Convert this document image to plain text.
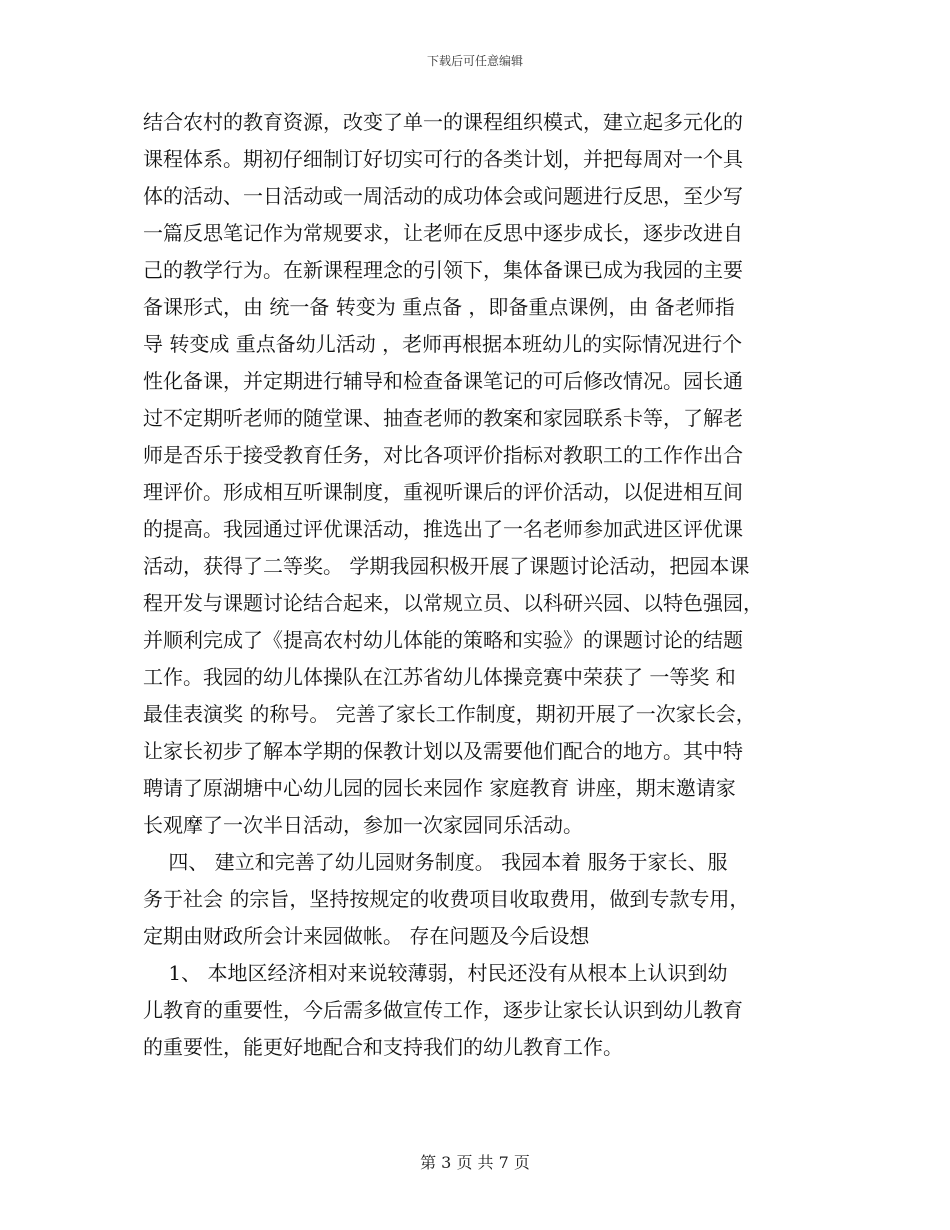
下载后可任意编辑
结合农村的教育资源，改变了单一的课程组织模式，建立起多元化的
课程体系。期初仔细制订好切实可行的各类计划，并把每周对一个具
体的活动、一日活动或一周活动的成功体会或问题进行反思，至少写
一篇反思笔记作为常规要求，让老师在反思中逐步成长，逐步改进自
己的教学行为。在新课程理念的引领下，集体备课已成为我园的主要
备课形式，由 统一备 转变为 重点备 ，即备重点课例，由 备老师指
导 转变成 重点备幼儿活动 ，老师再根据本班幼儿的实际情况进行个
性化备课，并定期进行辅导和检查备课笔记的可后修改情况。园长通
过不定期听老师的随堂课、抽查老师的教案和家园联系卡等，了解老
师是否乐于接受教育任务，对比各项评价指标对教职工的工作作出合
理评价。形成相互听课制度，重视听课后的评价活动，以促进相互间
的提高。我园通过评优课活动，推选出了一名老师参加武进区评优课
活动，获得了二等奖。 学期我园积极开展了课题讨论活动，把园本课
程开发与课题讨论结合起来，以常规立员、以科研兴园、以特色强园，
并顺利完成了《提高农村幼儿体能的策略和实验》的课题讨论的结题
工作。我园的幼儿体操队在江苏省幼儿体操竞赛中荣获了 一等奖 和
最佳表演奖 的称号。 完善了家长工作制度，期初开展了一次家长会，
让家长初步了解本学期的保教计划以及需要他们配合的地方。其中特
聘请了原湖塘中心幼儿园的园长来园作 家庭教育 讲座，期末邀请家
长观摩了一次半日活动，参加一次家园同乐活动。
四、 建立和完善了幼儿园财务制度。 我园本着 服务于家长、服
务于社会 的宗旨，坚持按规定的收费项目收取费用，做到专款专用，
定期由财政所会计来园做帐。 存在问题及今后设想
1、 本地区经济相对来说较薄弱，村民还没有从根本上认识到幼
儿教育的重要性，今后需多做宣传工作，逐步让家长认识到幼儿教育
的重要性，能更好地配合和支持我们的幼儿教育工作。
第 3 页 共 7 页
